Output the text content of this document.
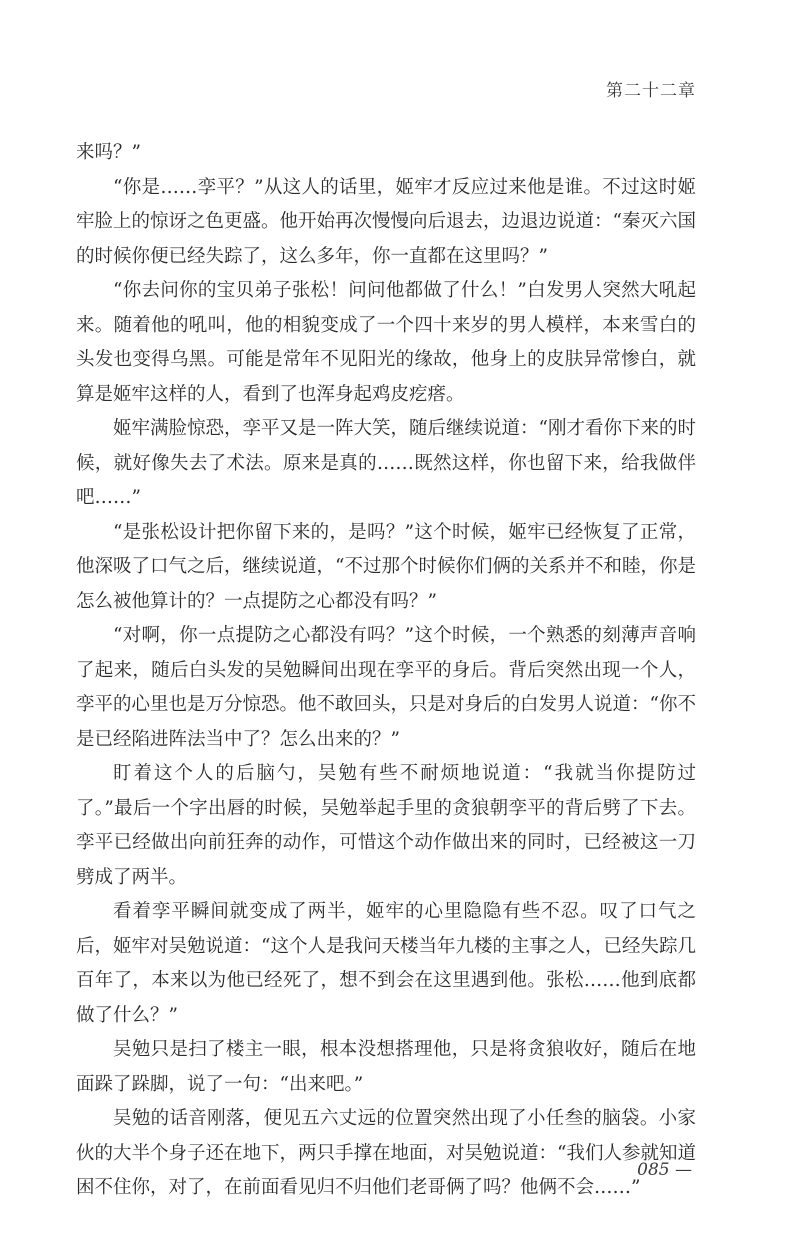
第二十二章

来吗？”

“你是……孪平？”从这人的话里，姬牢才反应过来他是谁。不过这时姬牢脸上的惊讶之色更盛。他开始再次慢慢向后退去，边退边说道：“秦灭六国的时候你便已经失踪了，这么多年，你一直都在这里吗？”

“你去问你的宝贝弟子张松！问问他都做了什么！”白发男人突然大吼起来。随着他的吼叫，他的相貌变成了一个四十来岁的男人模样，本来雪白的头发也变得乌黑。可能是常年不见阳光的缘故，他身上的皮肤异常惨白，就算是姬牢这样的人，看到了也浑身起鸡皮疙瘩。

姬牢满脸惊恐，孪平又是一阵大笑，随后继续说道：“刚才看你下来的时候，就好像失去了术法。原来是真的……既然这样，你也留下来，给我做伴吧……”

“是张松设计把你留下来的，是吗？”这个时候，姬牢已经恢复了正常，他深吸了口气之后，继续说道，“不过那个时候你们俩的关系并不和睦，你是怎么被他算计的？一点提防之心都没有吗？”

“对啊，你一点提防之心都没有吗？”这个时候，一个熟悉的刻薄声音响了起来，随后白头发的吴勉瞬间出现在孪平的身后。背后突然出现一个人，孪平的心里也是万分惊恐。他不敢回头，只是对身后的白发男人说道：“你不是已经陷进阵法当中了？怎么出来的？”

盯着这个人的后脑勺，吴勉有些不耐烦地说道：“我就当你提防过了。”最后一个字出唇的时候，吴勉举起手里的贪狼朝孪平的背后劈了下去。孪平已经做出向前狂奔的动作，可惜这个动作做出来的同时，已经被这一刀劈成了两半。

看着孪平瞬间就变成了两半，姬牢的心里隐隐有些不忍。叹了口气之后，姬牢对吴勉说道：“这个人是我问天楼当年九楼的主事之人，已经失踪几百年了，本来以为他已经死了，想不到会在这里遇到他。张松……他到底都做了什么？”

吴勉只是扫了楼主一眼，根本没想搭理他，只是将贪狼收好，随后在地面跺了跺脚，说了一句：“出来吧。”

吴勉的话音刚落，便见五六丈远的位置突然出现了小任叁的脑袋。小家伙的大半个身子还在地下，两只手撑在地面，对吴勉说道：“我们人参就知道困不住你，对了，在前面看见归不归他们老哥俩了吗？他俩不会……”

085 —
